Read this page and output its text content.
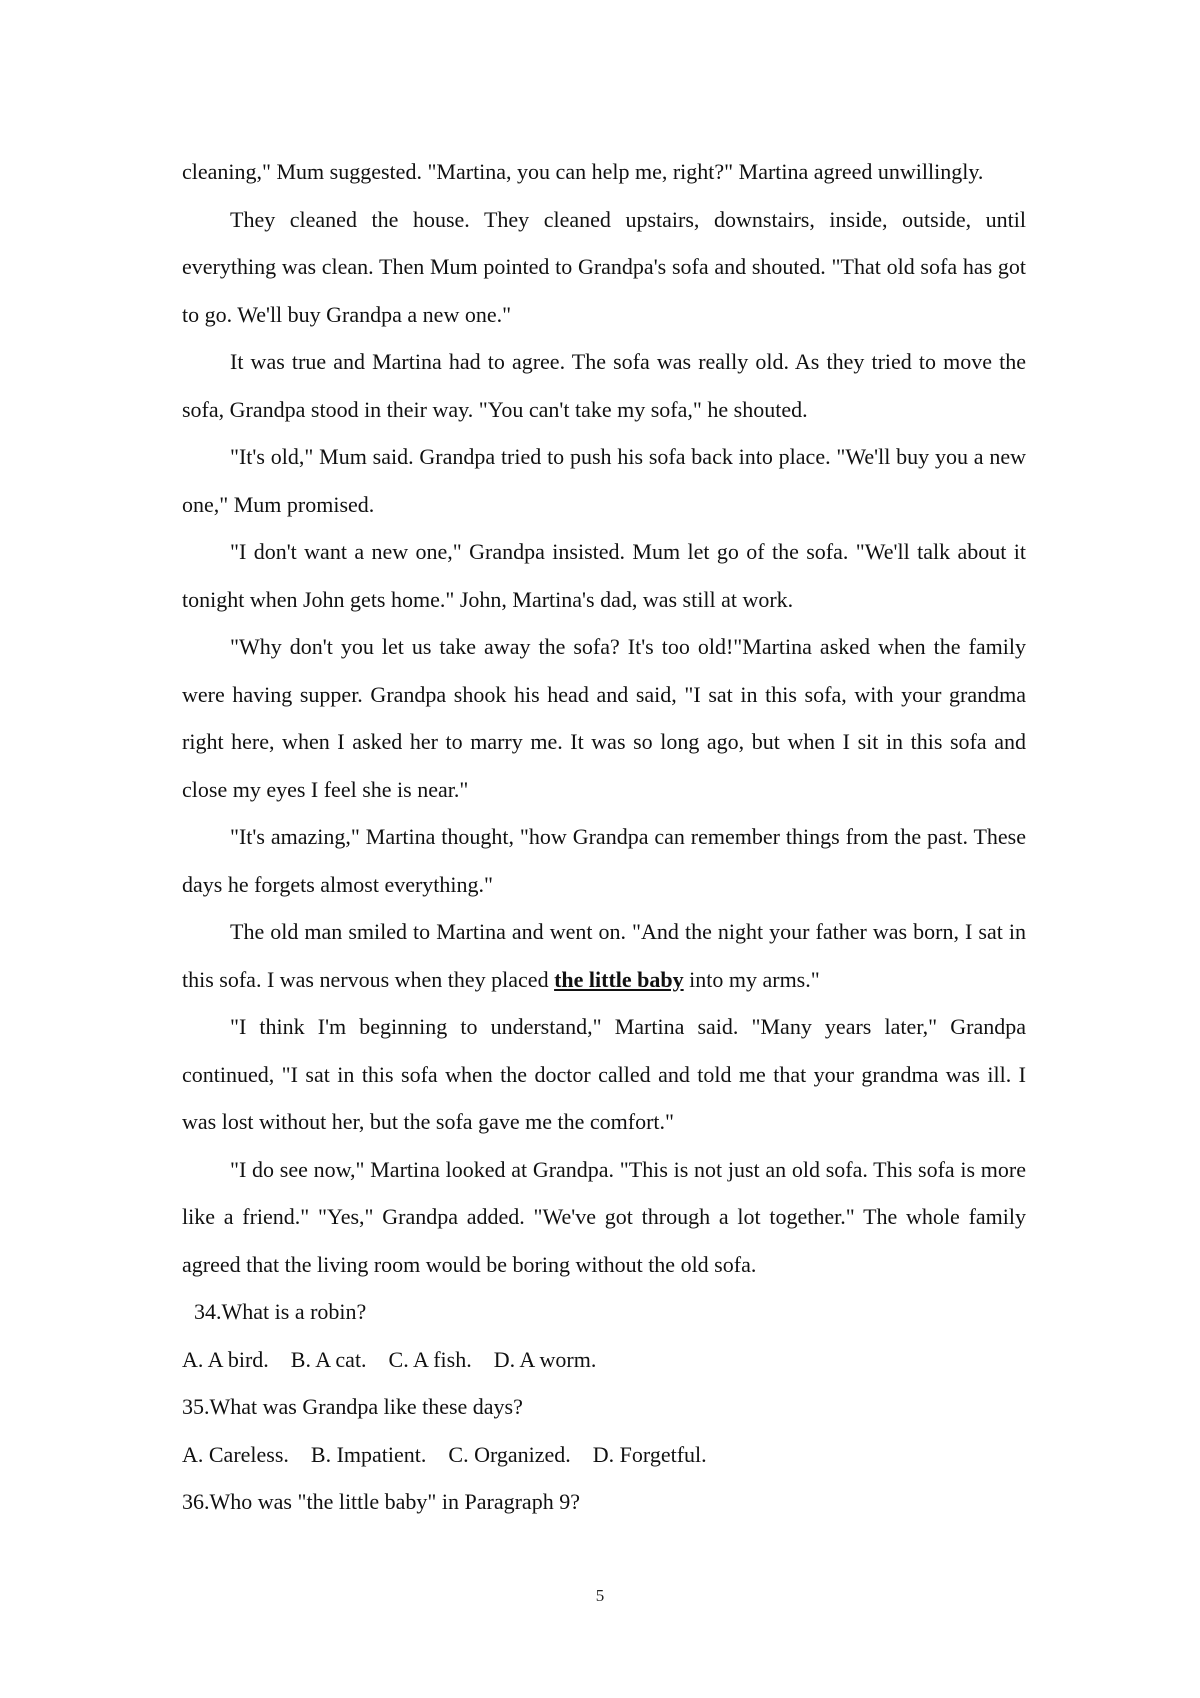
cleaning," Mum suggested. "Martina, you can help me, right?" Martina agreed unwillingly.

They cleaned the house. They cleaned upstairs, downstairs, inside, outside, until everything was clean. Then Mum pointed to Grandpa's sofa and shouted. "That old sofa has got to go. We'll buy Grandpa a new one."

It was true and Martina had to agree. The sofa was really old. As they tried to move the sofa, Grandpa stood in their way. "You can't take my sofa," he shouted.

"It's old," Mum said. Grandpa tried to push his sofa back into place. "We'll buy you a new one," Mum promised.

"I don't want a new one," Grandpa insisted. Mum let go of the sofa. "We'll talk about it tonight when John gets home." John, Martina's dad, was still at work.

"Why don't you let us take away the sofa? It's too old!"Martina asked when the family were having supper. Grandpa shook his head and said, "I sat in this sofa, with your grandma right here, when I asked her to marry me. It was so long ago, but when I sit in this sofa and close my eyes I feel she is near."

"It's amazing," Martina thought, "how Grandpa can remember things from the past. These days he forgets almost everything."

The old man smiled to Martina and went on. "And the night your father was born, I sat in this sofa. I was nervous when they placed the little baby into my arms."

"I think I'm beginning to understand," Martina said. "Many years later," Grandpa continued, "I sat in this sofa when the doctor called and told me that your grandma was ill. I was lost without her, but the sofa gave me the comfort."

"I do see now," Martina looked at Grandpa. "This is not just an old sofa. This sofa is more like a friend." "Yes," Grandpa added. "We've got through a lot together." The whole family agreed that the living room would be boring without the old sofa.

34.What is a robin?

A. A bird.    B. A cat.    C. A fish.    D. A worm.

35.What was Grandpa like these days?

A. Careless.    B. Impatient.    C. Organized.    D. Forgetful.

36.Who was "the little baby" in Paragraph 9?

5
